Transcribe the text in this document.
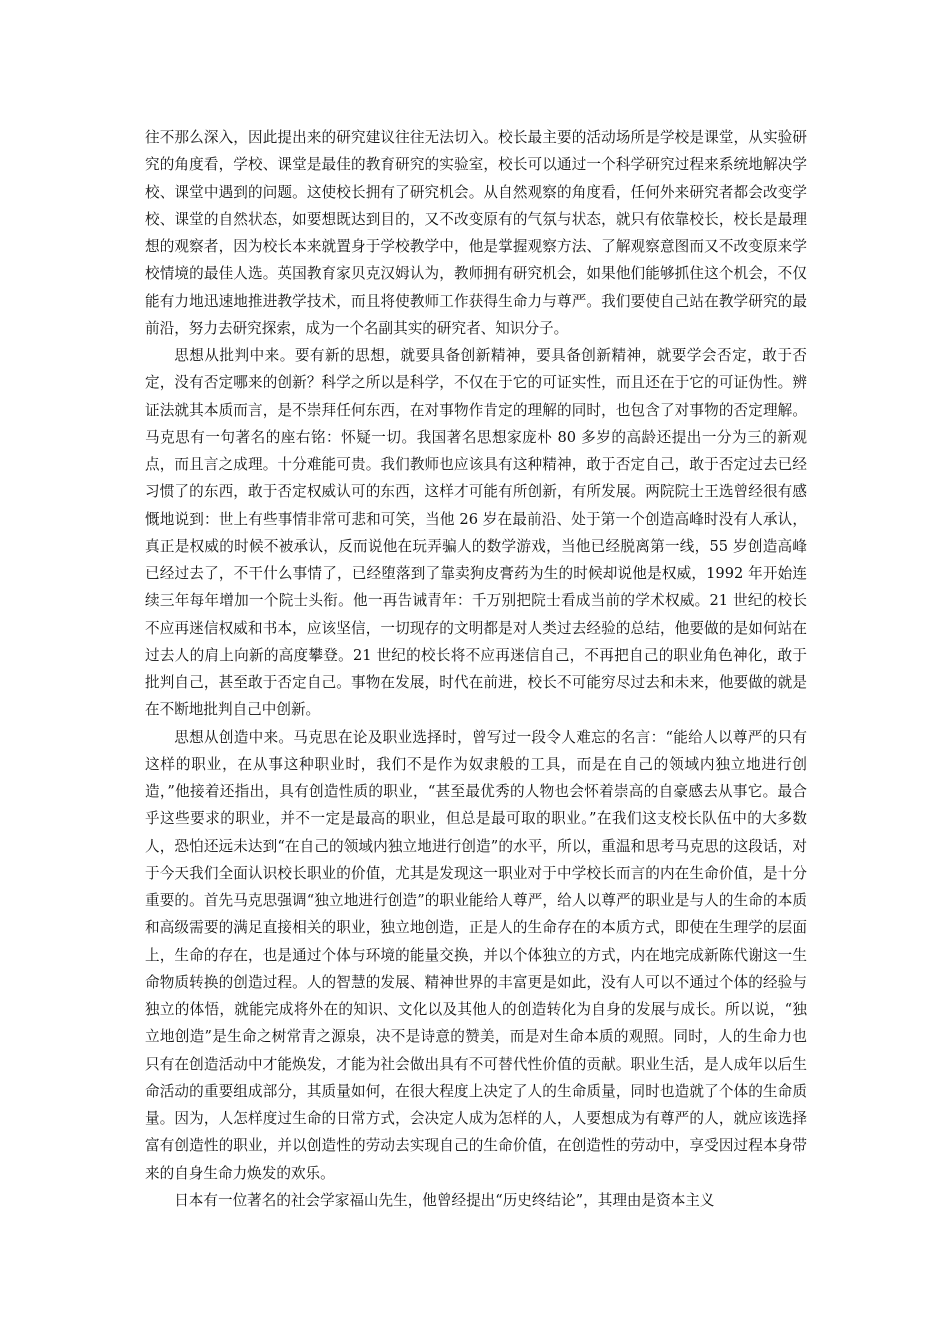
往不那么深入，因此提出来的研究建议往往无法切入。校长最主要的活动场所是学校是课堂，从实验研究的角度看，学校、课堂是最佳的教育研究的实验室，校长可以通过一个科学研究过程来系统地解决学校、课堂中遇到的问题。这使校长拥有了研究机会。从自然观察的角度看，任何外来研究者都会改变学校、课堂的自然状态，如要想既达到目的，又不改变原有的气氛与状态，就只有依靠校长，校长是最理想的观察者，因为校长本来就置身于学校教学中，他是掌握观察方法、了解观察意图而又不改变原来学校情境的最佳人选。英国教育家贝克汉姆认为，教师拥有研究机会，如果他们能够抓住这个机会，不仅能有力地迅速地推进教学技术，而且将使教师工作获得生命力与尊严。我们要使自己站在教学研究的最前沿，努力去研究探索，成为一个名副其实的研究者、知识分子。

思想从批判中来。要有新的思想，就要具备创新精神，要具备创新精神，就要学会否定，敢于否定，没有否定哪来的创新？科学之所以是科学，不仅在于它的可证实性，而且还在于它的可证伪性。辨证法就其本质而言，是不崇拜任何东西，在对事物作肯定的理解的同时，也包含了对事物的否定理解。马克思有一句著名的座右铭：怀疑一切。我国著名思想家庞朴 80 多岁的高龄还提出一分为三的新观点，而且言之成理。十分难能可贵。我们教师也应该具有这种精神，敢于否定自己，敢于否定过去已经习惯了的东西，敢于否定权威认可的东西，这样才可能有所创新，有所发展。两院院士王选曾经很有感慨地说到：世上有些事情非常可悲和可笑，当他 26 岁在最前沿、处于第一个创造高峰时没有人承认，真正是权威的时候不被承认，反而说他在玩弄骗人的数学游戏，当他已经脱离第一线，55 岁创造高峰已经过去了，不干什么事情了，已经堕落到了靠卖狗皮膏药为生的时候却说他是权威，1992 年开始连续三年每年增加一个院士头衔。他一再告诫青年：千万别把院士看成当前的学术权威。21 世纪的校长不应再迷信权威和书本，应该坚信，一切现存的文明都是对人类过去经验的总结，他要做的是如何站在过去人的肩上向新的高度攀登。21 世纪的校长将不应再迷信自己，不再把自己的职业角色神化，敢于批判自己，甚至敢于否定自己。事物在发展，时代在前进，校长不可能穷尽过去和未来，他要做的就是在不断地批判自己中创新。

思想从创造中来。马克思在论及职业选择时，曾写过一段令人难忘的名言：“能给人以尊严的只有这样的职业，在从事这种职业时，我们不是作为奴隶般的工具，而是在自己的领域内独立地进行创造，”他接着还指出，具有创造性质的职业，“甚至最优秀的人物也会怀着崇高的自豪感去从事它。最合乎这些要求的职业，并不一定是最高的职业，但总是最可取的职业。”在我们这支校长队伍中的大多数人，恐怕还远未达到“在自己的领域内独立地进行创造”的水平，所以，重温和思考马克思的这段话，对于今天我们全面认识校长职业的价值，尤其是发现这一职业对于中学校长而言的内在生命价值，是十分重要的。首先马克思强调“独立地进行创造”的职业能给人尊严，给人以尊严的职业是与人的生命的本质和高级需要的满足直接相关的职业，独立地创造，正是人的生命存在的本质方式，即使在生理学的层面上，生命的存在，也是通过个体与环境的能量交换，并以个体独立的方式，内在地完成新陈代谢这一生命物质转换的创造过程。人的智慧的发展、精神世界的丰富更是如此，没有人可以不通过个体的经验与独立的体悟，就能完成将外在的知识、文化以及其他人的创造转化为自身的发展与成长。所以说，“独立地创造”是生命之树常青之源泉，决不是诗意的赞美，而是对生命本质的观照。同时，人的生命力也只有在创造活动中才能焕发，才能为社会做出具有不可替代性价值的贡献。职业生活，是人成年以后生命活动的重要组成部分，其质量如何，在很大程度上决定了人的生命质量，同时也造就了个体的生命质量。因为，人怎样度过生命的日常方式，会决定人成为怎样的人，人要想成为有尊严的人，就应该选择富有创造性的职业，并以创造性的劳动去实现自己的生命价值，在创造性的劳动中，享受因过程本身带来的自身生命力焕发的欢乐。

日本有一位著名的社会学家福山先生，他曾经提出“历史终结论”，其理由是资本主义
